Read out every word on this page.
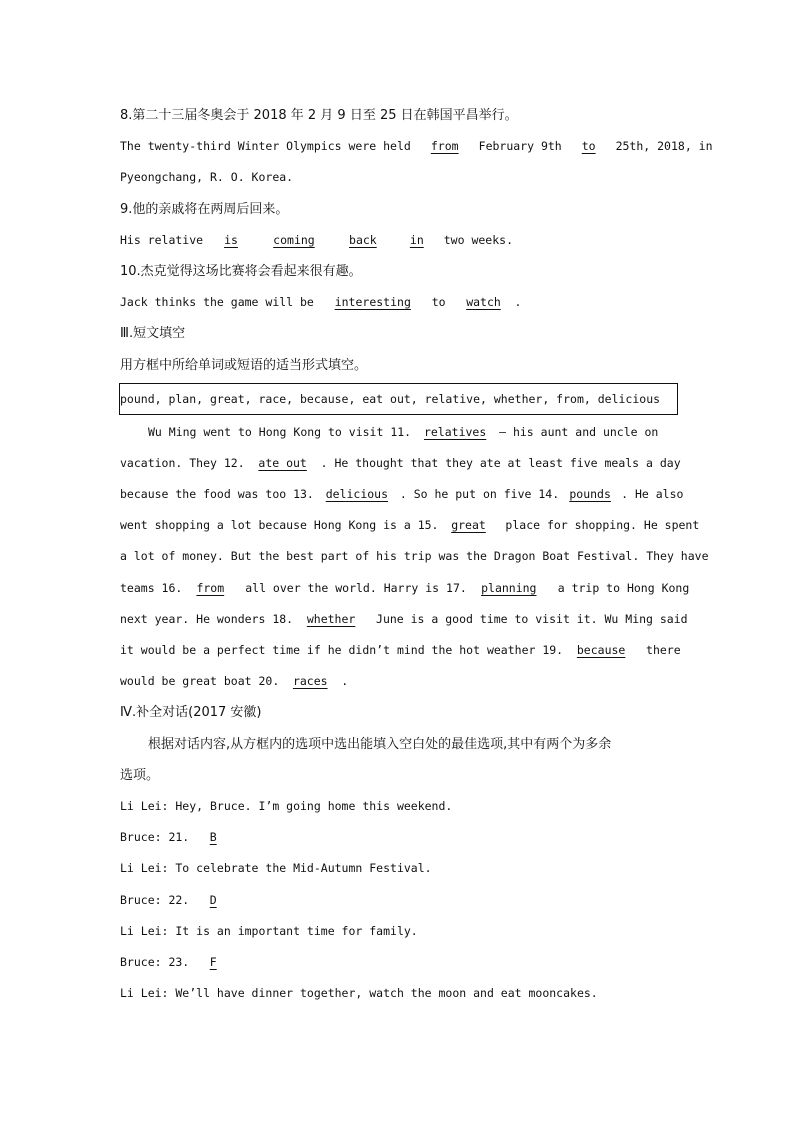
8.第二十三届冬奥会于 2018 年 2 月 9 日至 25 日在韩国平昌举行。
The twenty-third Winter Olympics were held from February 9th to 25th, 2018, in
Pyeongchang, R. O. Korea.
9.他的亲戚将在两周后回来。
His relative is	coming	back	in two weeks.
10.杰克觉得这场比赛将会看起来很有趣。
Jack thinks the game will be interesting to watch .
Ⅲ.短文填空
用方框中所给单词或短语的适当形式填空。
pound, plan, great, race, because, eat out, relative, whether, from, delicious
Wu Ming went to Hong Kong to visit 11. relatives — his aunt and uncle on
vacation. They 12. ate out . He thought that they ate at least five meals a day
because the food was too 13. delicious . So he put on five 14. pounds . He also
went shopping a lot because Hong Kong is a 15. great place for shopping. He spent
a lot of money. But the best part of his trip was the Dragon Boat Festival. They have
teams 16. from all over the world. Harry is 17. planning a trip to Hong Kong
next year. He wonders 18. whether June is a good time to visit it. Wu Ming said
it would be a perfect time if he didn’t mind the hot weather 19. because there
would be great boat 20. races .
Ⅳ.补全对话(2017 安徽)
根据对话内容,从方框内的选项中选出能填入空白处的最佳选项,其中有两个为多余
选项。
Li Lei: Hey, Bruce. I’m going home this weekend.
Bruce: 21. B
Li Lei: To celebrate the Mid-Autumn Festival.
Bruce: 22. D
Li Lei: It is an important time for family.
Bruce: 23. F
Li Lei: We’ll have dinner together, watch the moon and eat mooncakes.
